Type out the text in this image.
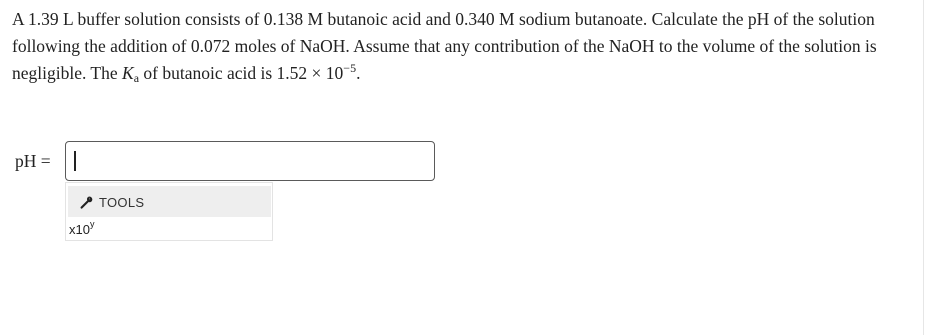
A 1.39 L buffer solution consists of 0.138 M butanoic acid and 0.340 M sodium butanoate. Calculate the pH of the solution following the addition of 0.072 moles of NaOH. Assume that any contribution of the NaOH to the volume of the solution is negligible. The $K_a$ of butanoic acid is $1.52 \times 10^{-5}$.

pH =
TOOLS
x10$^y$
